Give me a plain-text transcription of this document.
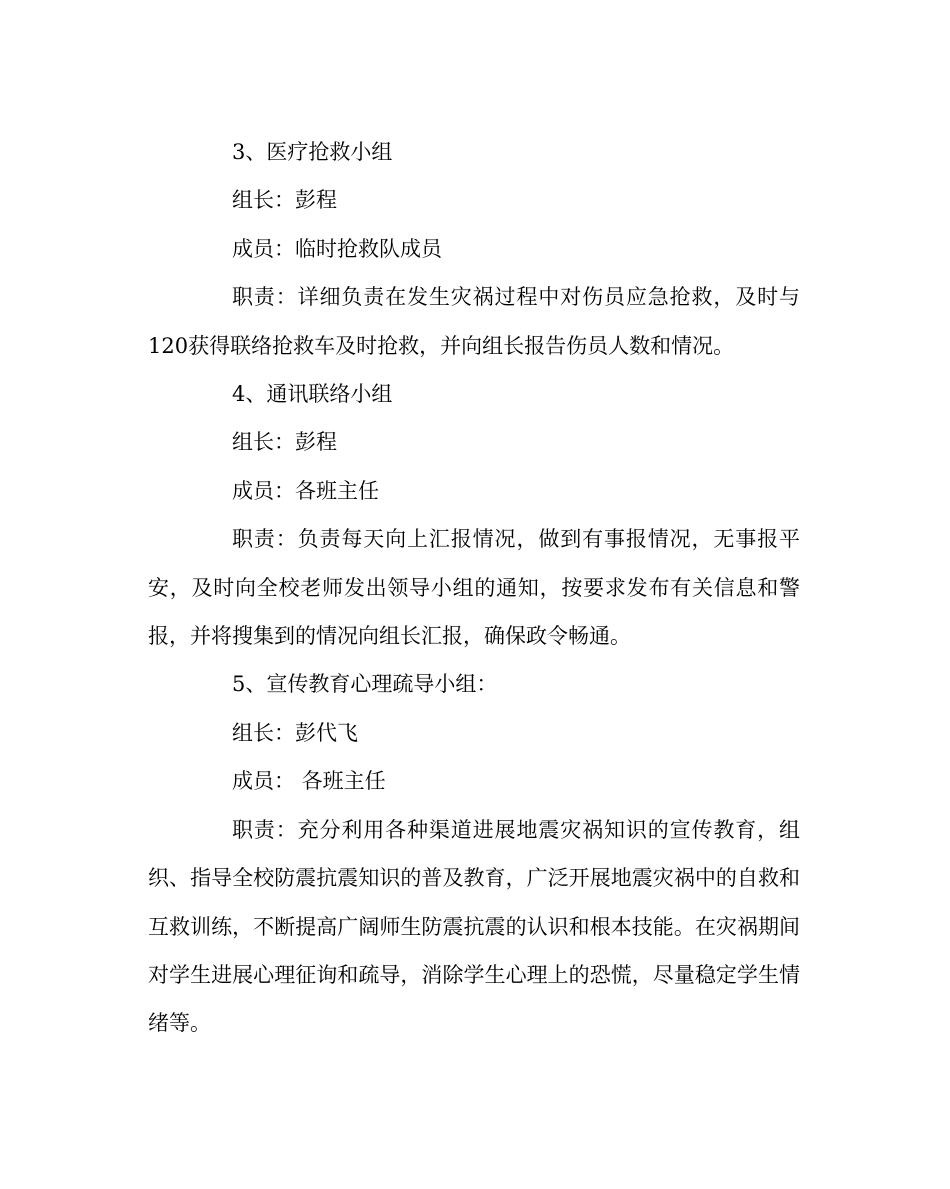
3、医疗抢救小组

组长：彭程

成员：临时抢救队成员

职责：详细负责在发生灾祸过程中对伤员应急抢救，及时与120获得联络抢救车及时抢救，并向组长报告伤员人数和情况。

4、通讯联络小组

组长：彭程

成员：各班主任

职责：负责每天向上汇报情况，做到有事报情况，无事报平安，及时向全校老师发出领导小组的通知，按要求发布有关信息和警报，并将搜集到的情况向组长汇报，确保政令畅通。

5、宣传教育心理疏导小组：

组长：彭代飞

成员： 各班主任

职责：充分利用各种渠道进展地震灾祸知识的宣传教育，组织、指导全校防震抗震知识的普及教育，广泛开展地震灾祸中的自救和互救训练，不断提高广阔师生防震抗震的认识和根本技能。在灾祸期间对学生进展心理征询和疏导，消除学生心理上的恐慌，尽量稳定学生情绪等。
